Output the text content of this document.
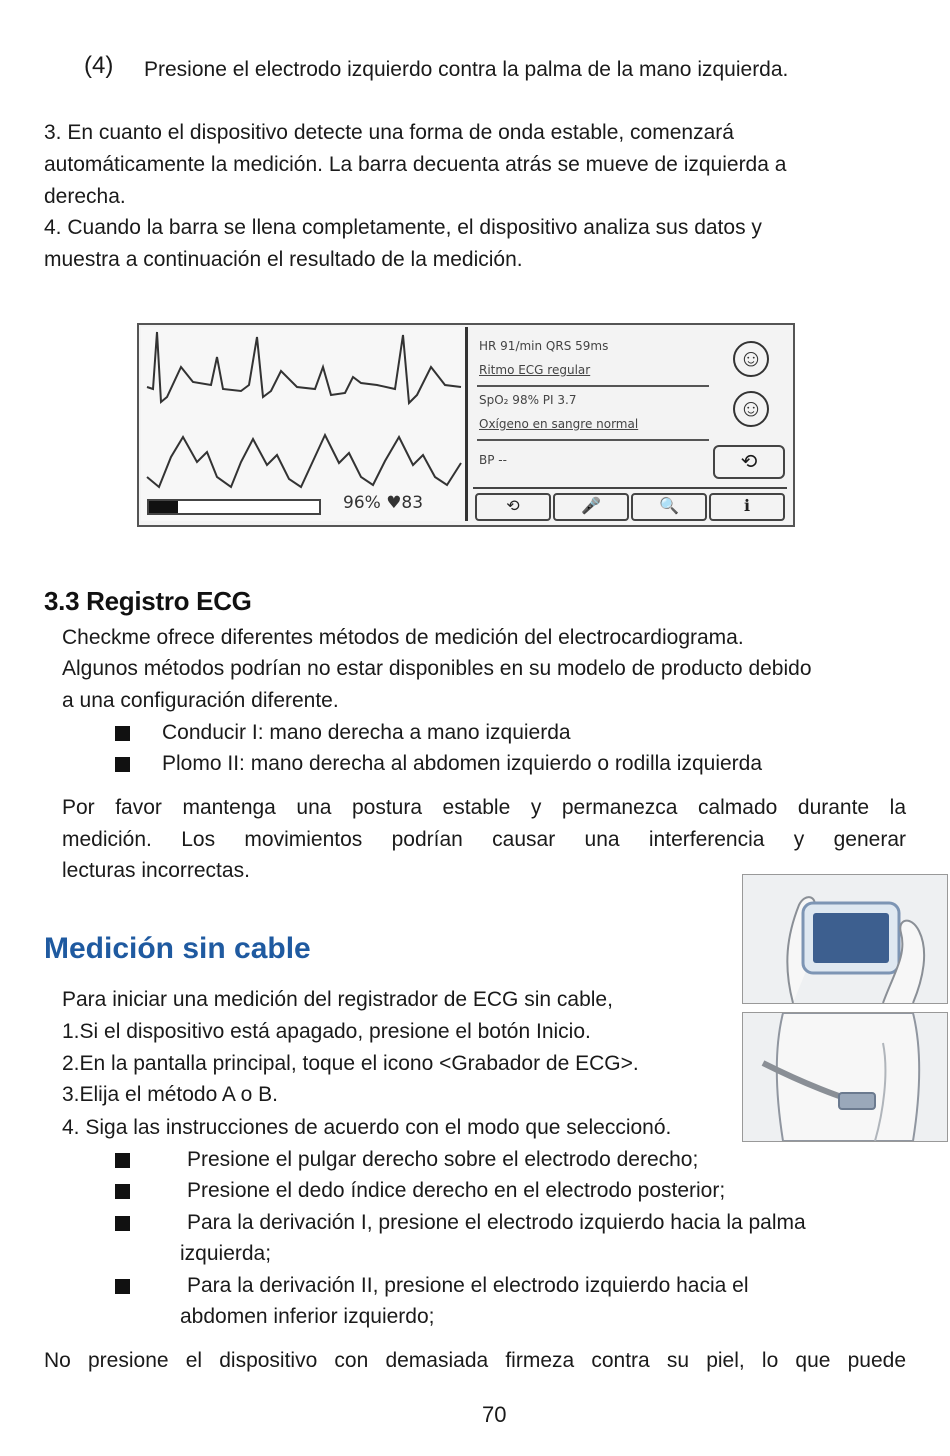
(4) Presione el electrodo izquierdo contra la palma de la mano izquierda.
3. En cuanto el dispositivo detecte una forma de onda estable, comenzará
automáticamente la medición. La barra decuenta atrás se mueve de izquierda a
derecha.
4. Cuando la barra se llena completamente, el dispositivo analiza sus datos y
muestra a continuación el resultado de la medición.
96% ♥83
HR 91/min QRS 59ms
Ritmo ECG regular
SpO₂ 98% PI 3.7
Oxígeno en sangre normal
BP --
☺
☺
⟲
⟲	🎤	🔍	ℹ
3.3 Registro ECG
Checkme ofrece diferentes métodos de medición del electrocardiograma.
Algunos métodos podrían no estar disponibles en su modelo de producto debido
a una configuración diferente.
Conducir I: mano derecha a mano izquierda
Plomo II: mano derecha al abdomen izquierdo o rodilla izquierda
Por favor mantenga una postura estable y permanezca calmado durante la
medición. Los movimientos podrían causar una interferencia y generar
lecturas incorrectas.
Medición sin cable
Para iniciar una medición del registrador de ECG sin cable,
1.Si el dispositivo está apagado, presione el botón Inicio.
2.En la pantalla principal, toque el icono <Grabador de ECG>.
3.Elija el método A o B.
4. Siga las instrucciones de acuerdo con el modo que seleccionó.
Presione el pulgar derecho sobre el electrodo derecho;
Presione el dedo índice derecho en el electrodo posterior;
Para la derivación I, presione el electrodo izquierdo hacia la palma
izquierda;
Para la derivación II, presione el electrodo izquierdo hacia el
abdomen inferior izquierdo;
No presione el dispositivo con demasiada firmeza contra su piel, lo que puede
70
